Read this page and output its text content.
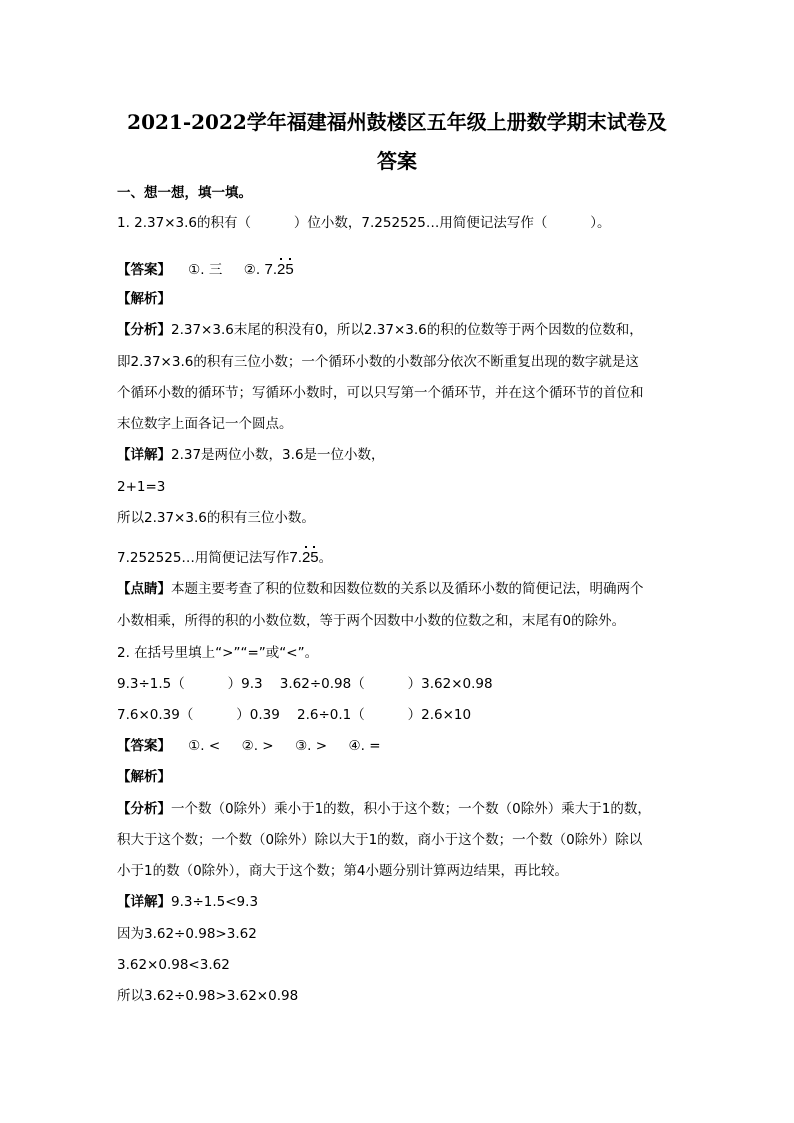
2021-2022学年福建福州鼓楼区五年级上册数学期末试卷及
答案
一、想一想，填一填。
1. 2.37×3.6的积有（          ）位小数，7.252525…用简便记法写作（          ）。
【答案】    ①. 三     ②. 7.25
【解析】
【分析】2.37×3.6末尾的积没有0，所以2.37×3.6的积的位数等于两个因数的位数和，
即2.37×3.6的积有三位小数；一个循环小数的小数部分依次不断重复出现的数字就是这
个循环小数的循环节；写循环小数时，可以只写第一个循环节，并在这个循环节的首位和
末位数字上面各记一个圆点。
【详解】2.37是两位小数，3.6是一位小数，
2+1=3
所以2.37×3.6的积有三位小数。
7.252525…用简便记法写作7.25。
【点睛】本题主要考查了积的位数和因数位数的关系以及循环小数的简便记法，明确两个
小数相乘，所得的积的小数位数，等于两个因数中小数的位数之和，末尾有0的除外。
2. 在括号里填上“>”“=”或“<”。
9.3÷1.5（          ）9.3    3.62÷0.98（          ）3.62×0.98
7.6×0.39（          ）0.39    2.6÷0.1（          ）2.6×10
【答案】    ①. <     ②. >     ③. >     ④. =
【解析】
【分析】一个数（0除外）乘小于1的数，积小于这个数；一个数（0除外）乘大于1的数，
积大于这个数；一个数（0除外）除以大于1的数，商小于这个数；一个数（0除外）除以
小于1的数（0除外），商大于这个数；第4小题分别计算两边结果，再比较。
【详解】9.3÷1.5<9.3
因为3.62÷0.98>3.62
3.62×0.98<3.62
所以3.62÷0.98>3.62×0.98
